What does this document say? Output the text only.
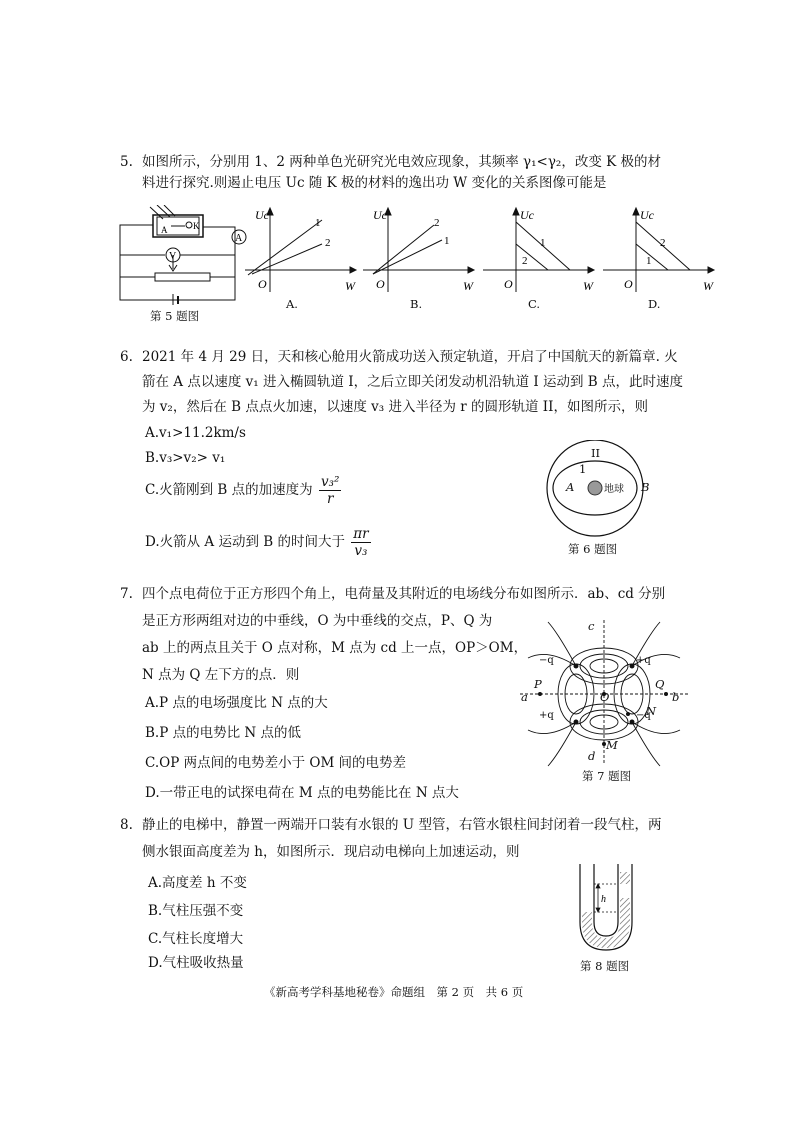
5. 如图所示，分别用 1、2 两种单色光研究光电效应现象，其频率 γ₁<γ₂，改变 K 极的材
料进行探究.则遏止电压 Uc 随 K 极的材料的逸出功 W 变化的关系图像可能是
K
A
A
V
第 5 题图
Uc
W
O
1
2
A.
Uc
W
O
2
1
B.
Uc
W
O
1
2
C.
Uc
W
O
2
1
D.
6. 2021 年 4 月 29 日，天和核心舱用火箭成功送入预定轨道，开启了中国航天的新篇章. 火
箭在 A 点以速度 v₁ 进入椭圆轨道 I，之后立即关闭发动机沿轨道 I 运动到 B 点，此时速度
为 v₂，然后在 B 点点火加速，以速度 v₃ 进入半径为 r 的圆形轨道 II，如图所示，则
A.v₁>11.2km/s
B.v₃>v₂> v₁
C.火箭刚到 B 点的加速度为 $\frac{\text{v₃²}}{r}$
D.火箭从 A 运动到 B 的时间大于 $\frac{\pi r}{\text{v₃}}$
II
1
A	地球 B
第 6 题图
7. 四个点电荷位于正方形四个角上，电荷量及其附近的电场线分布如图所示．ab、cd 分别
是正方形两组对边的中垂线，O 为中垂线的交点，P、Q 为
ab 上的两点且关于 O 点对称，M 点为 cd 上一点，OP＞OM，
N 点为 Q 左下方的点．则
A.P 点的电场强度比 N 点的大
B.P 点的电势比 N 点的低
C.OP 两点间的电势差小于 OM 间的电势差
D.一带正电的试探电荷在 M 点的电势能比在 N 点大
c
−q	+q
P	Q
a	O	b
N
+q	−q
M
d
第 7 题图
8. 静止的电梯中，静置一两端开口装有水银的 U 型管，右管水银柱间封闭着一段气柱，两
侧水银面高度差为 h，如图所示．现启动电梯向上加速运动，则
A.高度差 h 不变
B.气柱压强不变
C.气柱长度增大
D.气柱吸收热量
h
第 8 题图
《新高考学科基地秘卷》命题组　第 2 页　共 6 页
